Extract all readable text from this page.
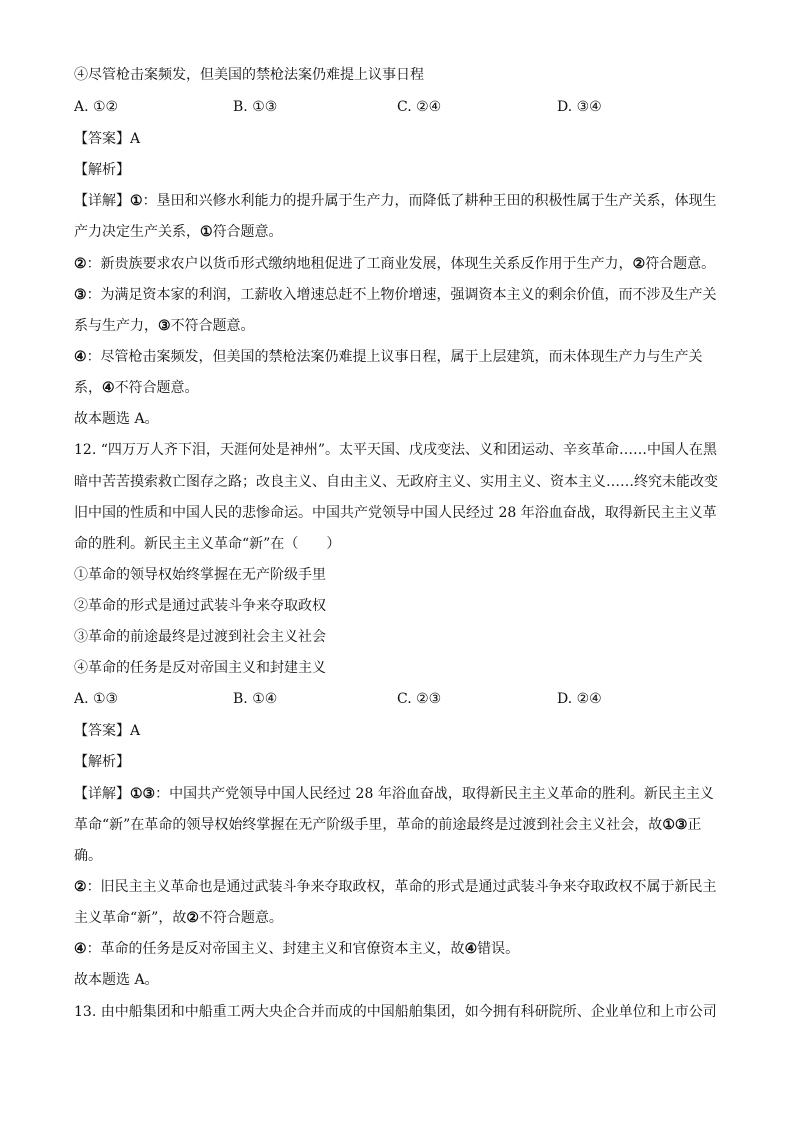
④尽管枪击案频发，但美国的禁枪法案仍难提上议事日程
A. ①②	B. ①③	C. ②④	D. ③④
【答案】A
【解析】
【详解】①：垦田和兴修水利能力的提升属于生产力，而降低了耕种王田的积极性属于生产关系，体现生
产力决定生产关系，①符合题意。
②：新贵族要求农户以货币形式缴纳地租促进了工商业发展，体现生关系反作用于生产力，②符合题意。
③：为满足资本家的利润，工薪收入增速总赶不上物价增速，强调资本主义的剩余价值，而不涉及生产关
系与生产力，③不符合题意。
④：尽管枪击案频发，但美国的禁枪法案仍难提上议事日程，属于上层建筑，而未体现生产力与生产关
系，④不符合题意。
故本题选 A。
12. “四万万人齐下泪，天涯何处是神州”。太平天国、戊戌变法、义和团运动、辛亥革命……中国人在黑
暗中苦苦摸索救亡图存之路；改良主义、自由主义、无政府主义、实用主义、资本主义……终究未能改变
旧中国的性质和中国人民的悲惨命运。中国共产党领导中国人民经过 28 年浴血奋战，取得新民主主义革
命的胜利。新民主主义革命“新”在（　　）
①革命的领导权始终掌握在无产阶级手里
②革命的形式是通过武装斗争来夺取政权
③革命的前途最终是过渡到社会主义社会
④革命的任务是反对帝国主义和封建主义
A. ①③	B. ①④	C. ②③	D. ②④
【答案】A
【解析】
【详解】①③：中国共产党领导中国人民经过 28 年浴血奋战，取得新民主主义革命的胜利。新民主主义
革命“新”在革命的领导权始终掌握在无产阶级手里，革命的前途最终是过渡到社会主义社会，故①③正
确。
②：旧民主主义革命也是通过武装斗争来夺取政权，革命的形式是通过武装斗争来夺取政权不属于新民主
主义革命“新”，故②不符合题意。
④：革命的任务是反对帝国主义、封建主义和官僚资本主义，故④错误。
故本题选 A。
13. 由中船集团和中船重工两大央企合并而成的中国船舶集团，如今拥有科研院所、企业单位和上市公司
